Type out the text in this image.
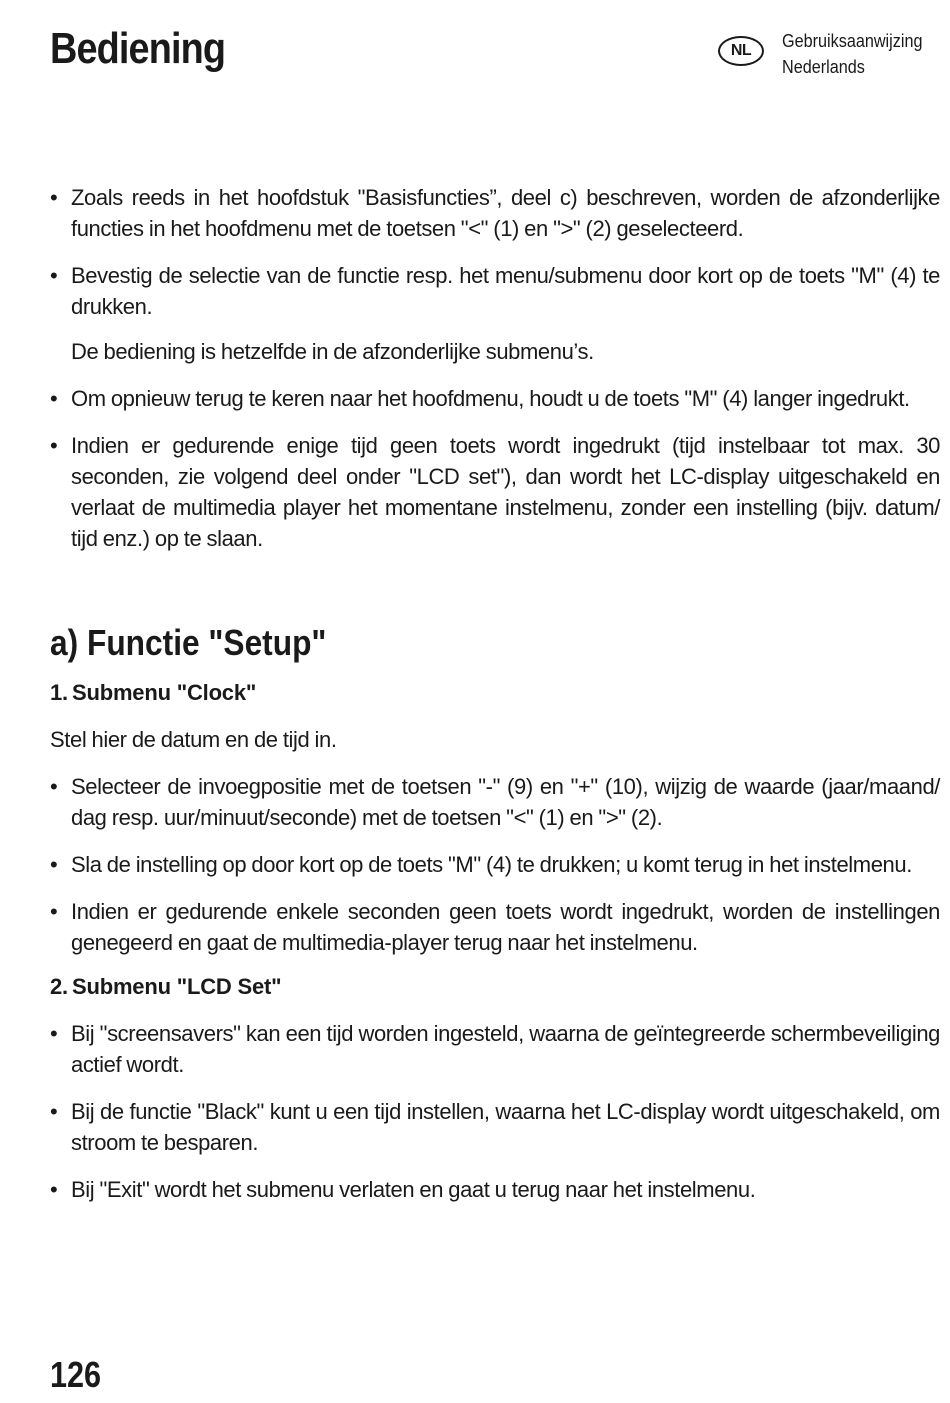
Bediening	NL	Gebruiksaanwijzing
Nederlands
• Zoals reeds in het hoofdstuk "Basisfuncties”, deel c) beschreven, worden de afzonderlijke functies in het hoofdmenu met de toetsen "<" (1) en ">" (2) geselecteerd.
• Bevestig de selectie van de functie resp. het menu/submenu door kort op de toets "M" (4) te drukken.
De bediening is hetzelfde in de afzonderlijke submenu’s.
• Om opnieuw terug te keren naar het hoofdmenu, houdt u de toets "M" (4) langer ingedrukt.
• Indien er gedurende enige tijd geen toets wordt ingedrukt (tijd instelbaar tot max. 30 seconden, zie volgend deel onder "LCD set"), dan wordt het LC-display uitgeschakeld en verlaat de multimedia player het momentane instelmenu, zonder een instelling (bijv. datum/ tijd enz.) op te slaan.
a) Functie "Setup"
1. Submenu "Clock"
Stel hier de datum en de tijd in.
• Selecteer de invoegpositie met de toetsen "-" (9) en "+" (10), wijzig de waarde (jaar/maand/ dag resp. uur/minuut/seconde) met de toetsen "<" (1) en ">" (2).
• Sla de instelling op door kort op de toets "M" (4) te drukken; u komt terug in het instelmenu.
• Indien er gedurende enkele seconden geen toets wordt ingedrukt, worden de instellingen genegeerd en gaat de multimedia-player terug naar het instelmenu.
2. Submenu "LCD Set"
• Bij "screensavers" kan een tijd worden ingesteld, waarna de geïntegreerde schermbeveiliging actief wordt.
• Bij de functie "Black" kunt u een tijd instellen, waarna het LC-display wordt uitgeschakeld, om stroom te besparen.
• Bij "Exit" wordt het submenu verlaten en gaat u terug naar het instelmenu.
126
